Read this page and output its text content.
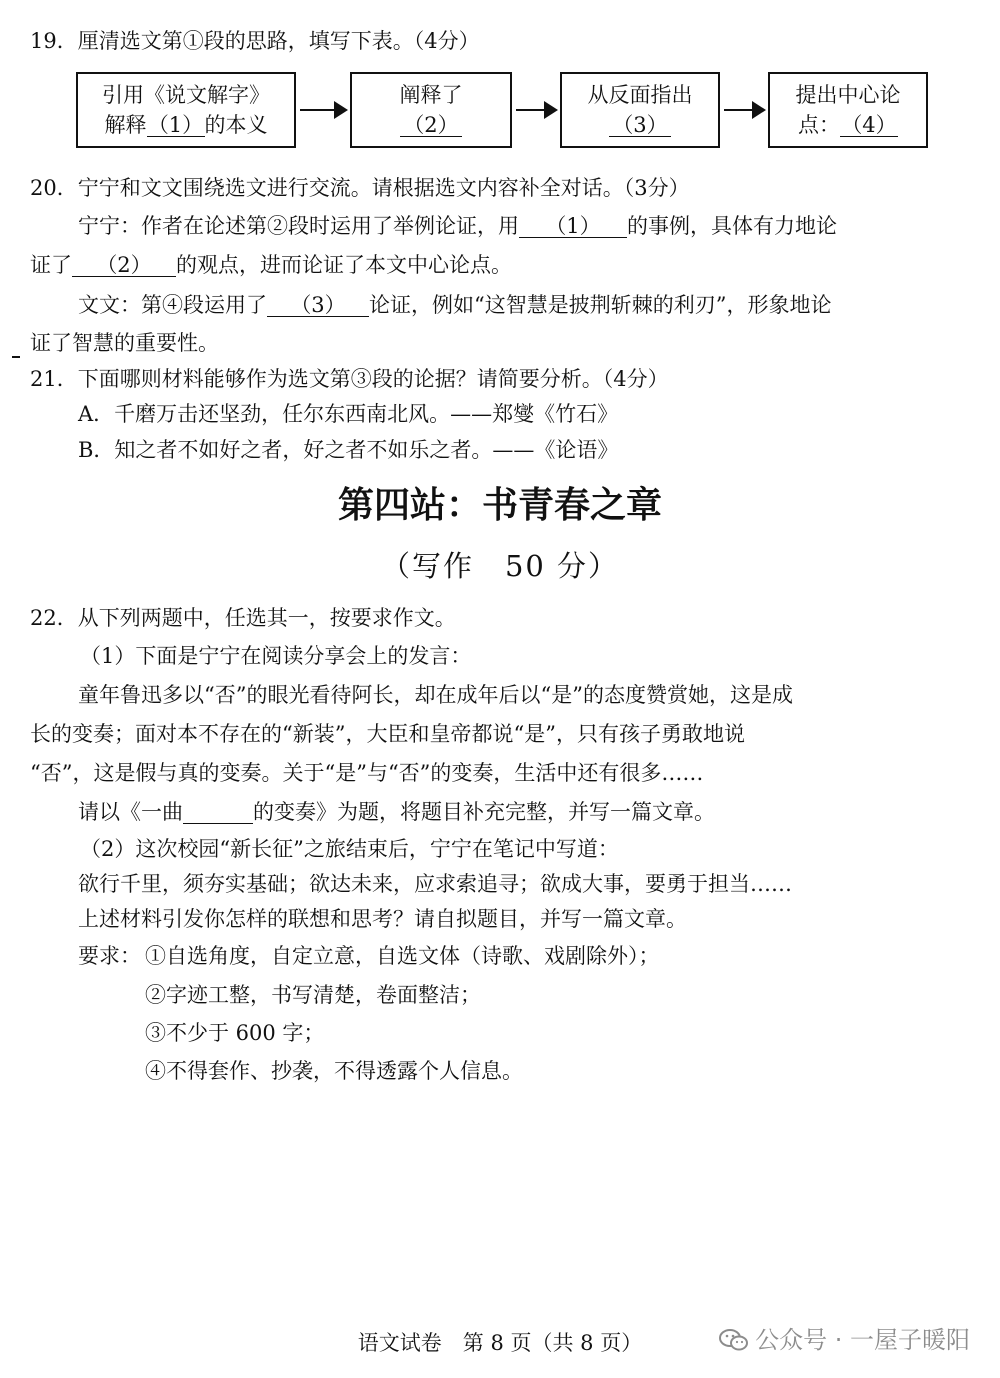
19．厘清选文第①段的思路，填写下表。（4分）
引用《说文解字》
解释（1）的本义
阐释了
（2）
从反面指出
（3）
提出中心论
点：（4）
20．宁宁和文文围绕选文进行交流。请根据选文内容补全对话。（3分）
宁宁：作者在论述第②段时运用了举例论证，用 （1） 的事例，具体有力地论
证了 （2） 的观点，进而论证了本文中心论点。
文文：第④段运用了 （3） 论证，例如“这智慧是披荆斩棘的利刃”，形象地论
证了智慧的重要性。
21．下面哪则材料能够作为选文第③段的论据？请简要分析。（4分）
A．千磨万击还坚劲，任尔东西南北风。——郑燮《竹石》
B．知之者不如好之者，好之者不如乐之者。——《论语》
第四站：书青春之章
（写作　50 分）
22．从下列两题中，任选其一，按要求作文。
（1）下面是宁宁在阅读分享会上的发言：
童年鲁迅多以“否”的眼光看待阿长，却在成年后以“是”的态度赞赏她，这是成
长的变奏；面对本不存在的“新装”，大臣和皇帝都说“是”，只有孩子勇敢地说
“否”，这是假与真的变奏。关于“是”与“否”的变奏，生活中还有很多……
请以《一曲	的变奏》为题，将题目补充完整，并写一篇文章。
（2）这次校园“新长征”之旅结束后，宁宁在笔记中写道：
欲行千里，须夯实基础；欲达未来，应求索追寻；欲成大事，要勇于担当……
上述材料引发你怎样的联想和思考？请自拟题目，并写一篇文章。
要求： ①自选角度，自定立意，自选文体（诗歌、戏剧除外）；
②字迹工整，书写清楚，卷面整洁；
③不少于 600 字；
④不得套作、抄袭，不得透露个人信息。
语文试卷　第 8 页（共 8 页）	公众号 · 一屋子暖阳
